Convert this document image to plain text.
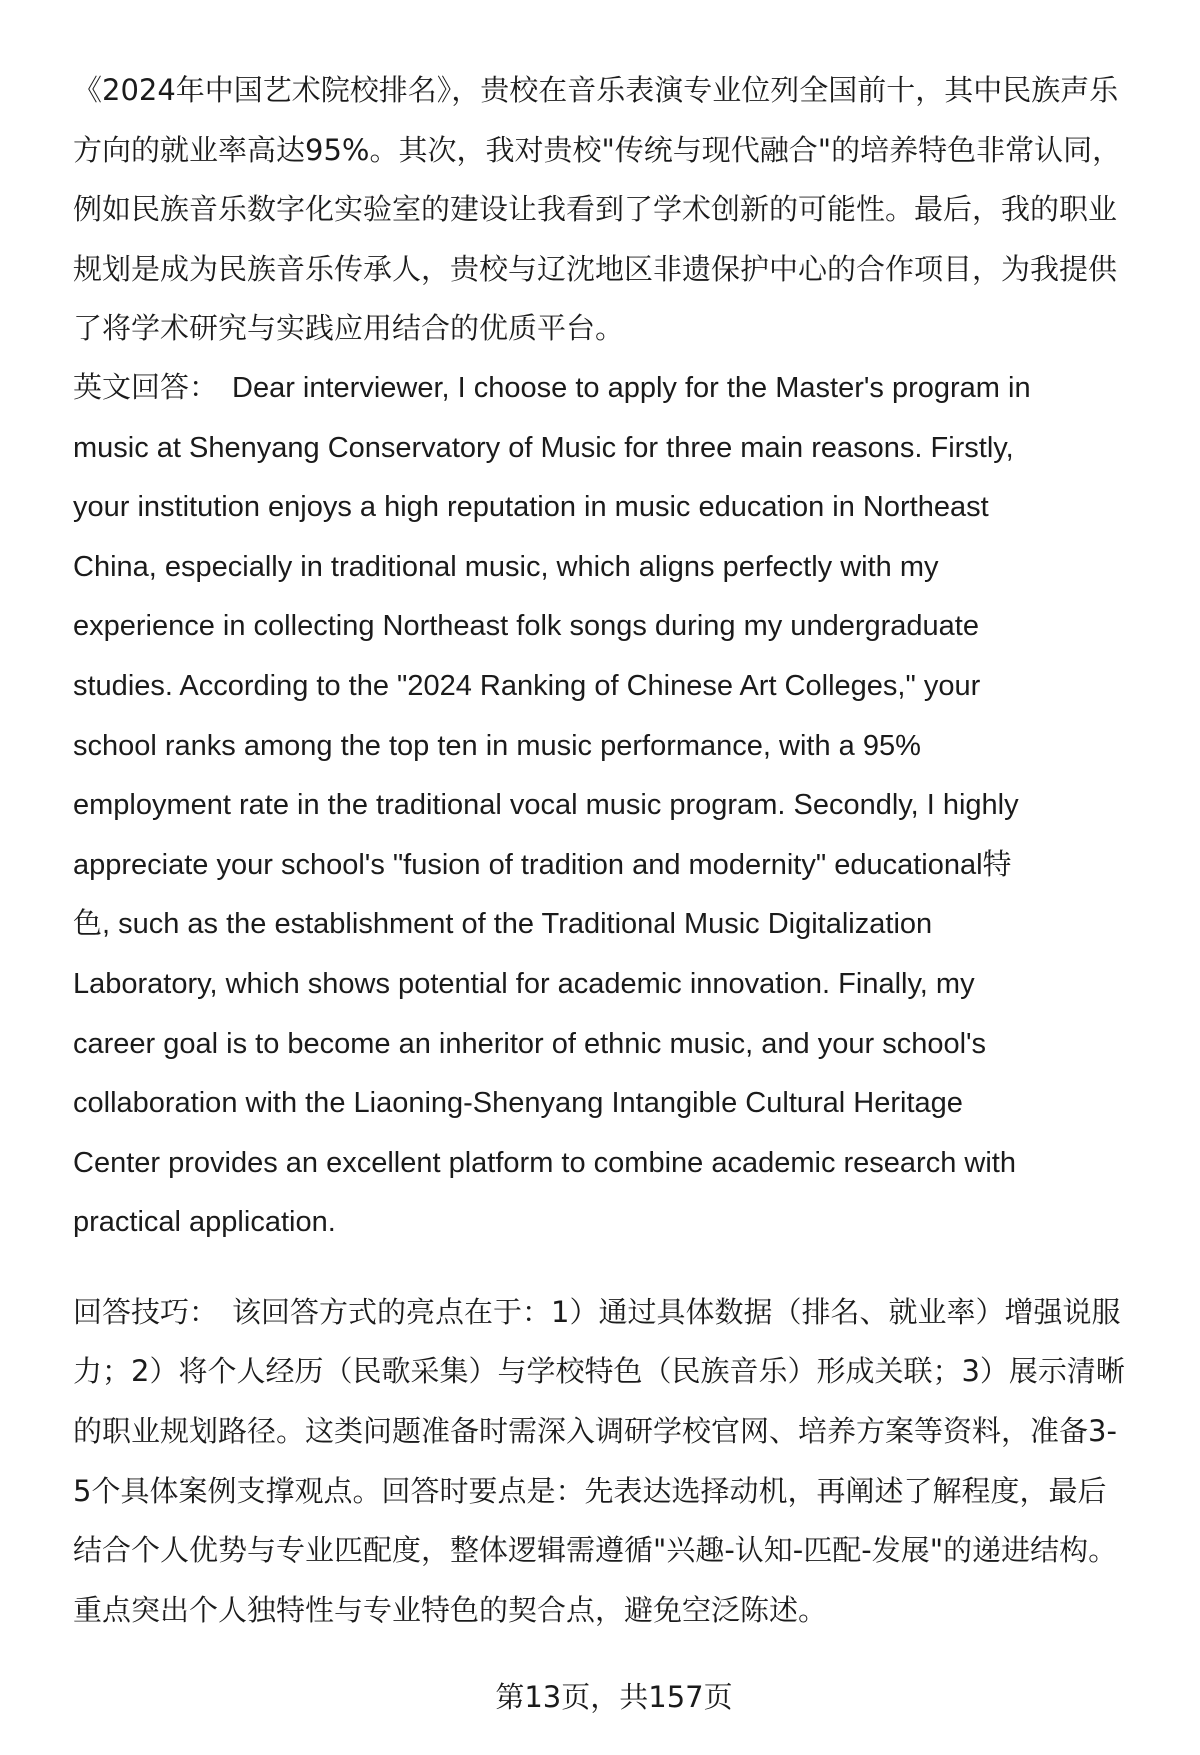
《2024年中国艺术院校排名》，贵校在音乐表演专业位列全国前十，其中民族声乐
方向的就业率高达95%。其次，我对贵校"传统与现代融合"的培养特色非常认同，
例如民族音乐数字化实验室的建设让我看到了学术创新的可能性。最后，我的职业
规划是成为民族音乐传承人，贵校与辽沈地区非遗保护中心的合作项目，为我提供
了将学术研究与实践应用结合的优质平台。
英文回答： Dear interviewer, I choose to apply for the Master's program in
music at Shenyang Conservatory of Music for three main reasons. Firstly,
your institution enjoys a high reputation in music education in Northeast
China, especially in traditional music, which aligns perfectly with my
experience in collecting Northeast folk songs during my undergraduate
studies. According to the "2024 Ranking of Chinese Art Colleges," your
school ranks among the top ten in music performance, with a 95%
employment rate in the traditional vocal music program. Secondly, I highly
appreciate your school's "fusion of tradition and modernity" educational特
色, such as the establishment of the Traditional Music Digitalization
Laboratory, which shows potential for academic innovation. Finally, my
career goal is to become an inheritor of ethnic music, and your school's
collaboration with the Liaoning-Shenyang Intangible Cultural Heritage
Center provides an excellent platform to combine academic research with
practical application.
回答技巧： 该回答方式的亮点在于：1）通过具体数据（排名、就业率）增强说服
力；2）将个人经历（民歌采集）与学校特色（民族音乐）形成关联；3）展示清晰
的职业规划路径。这类问题准备时需深入调研学校官网、培养方案等资料，准备3-
5个具体案例支撑观点。回答时要点是：先表达选择动机，再阐述了解程度，最后
结合个人优势与专业匹配度，整体逻辑需遵循"兴趣-认知-匹配-发展"的递进结构。
重点突出个人独特性与专业特色的契合点，避免空泛陈述。
第13页，共157页
